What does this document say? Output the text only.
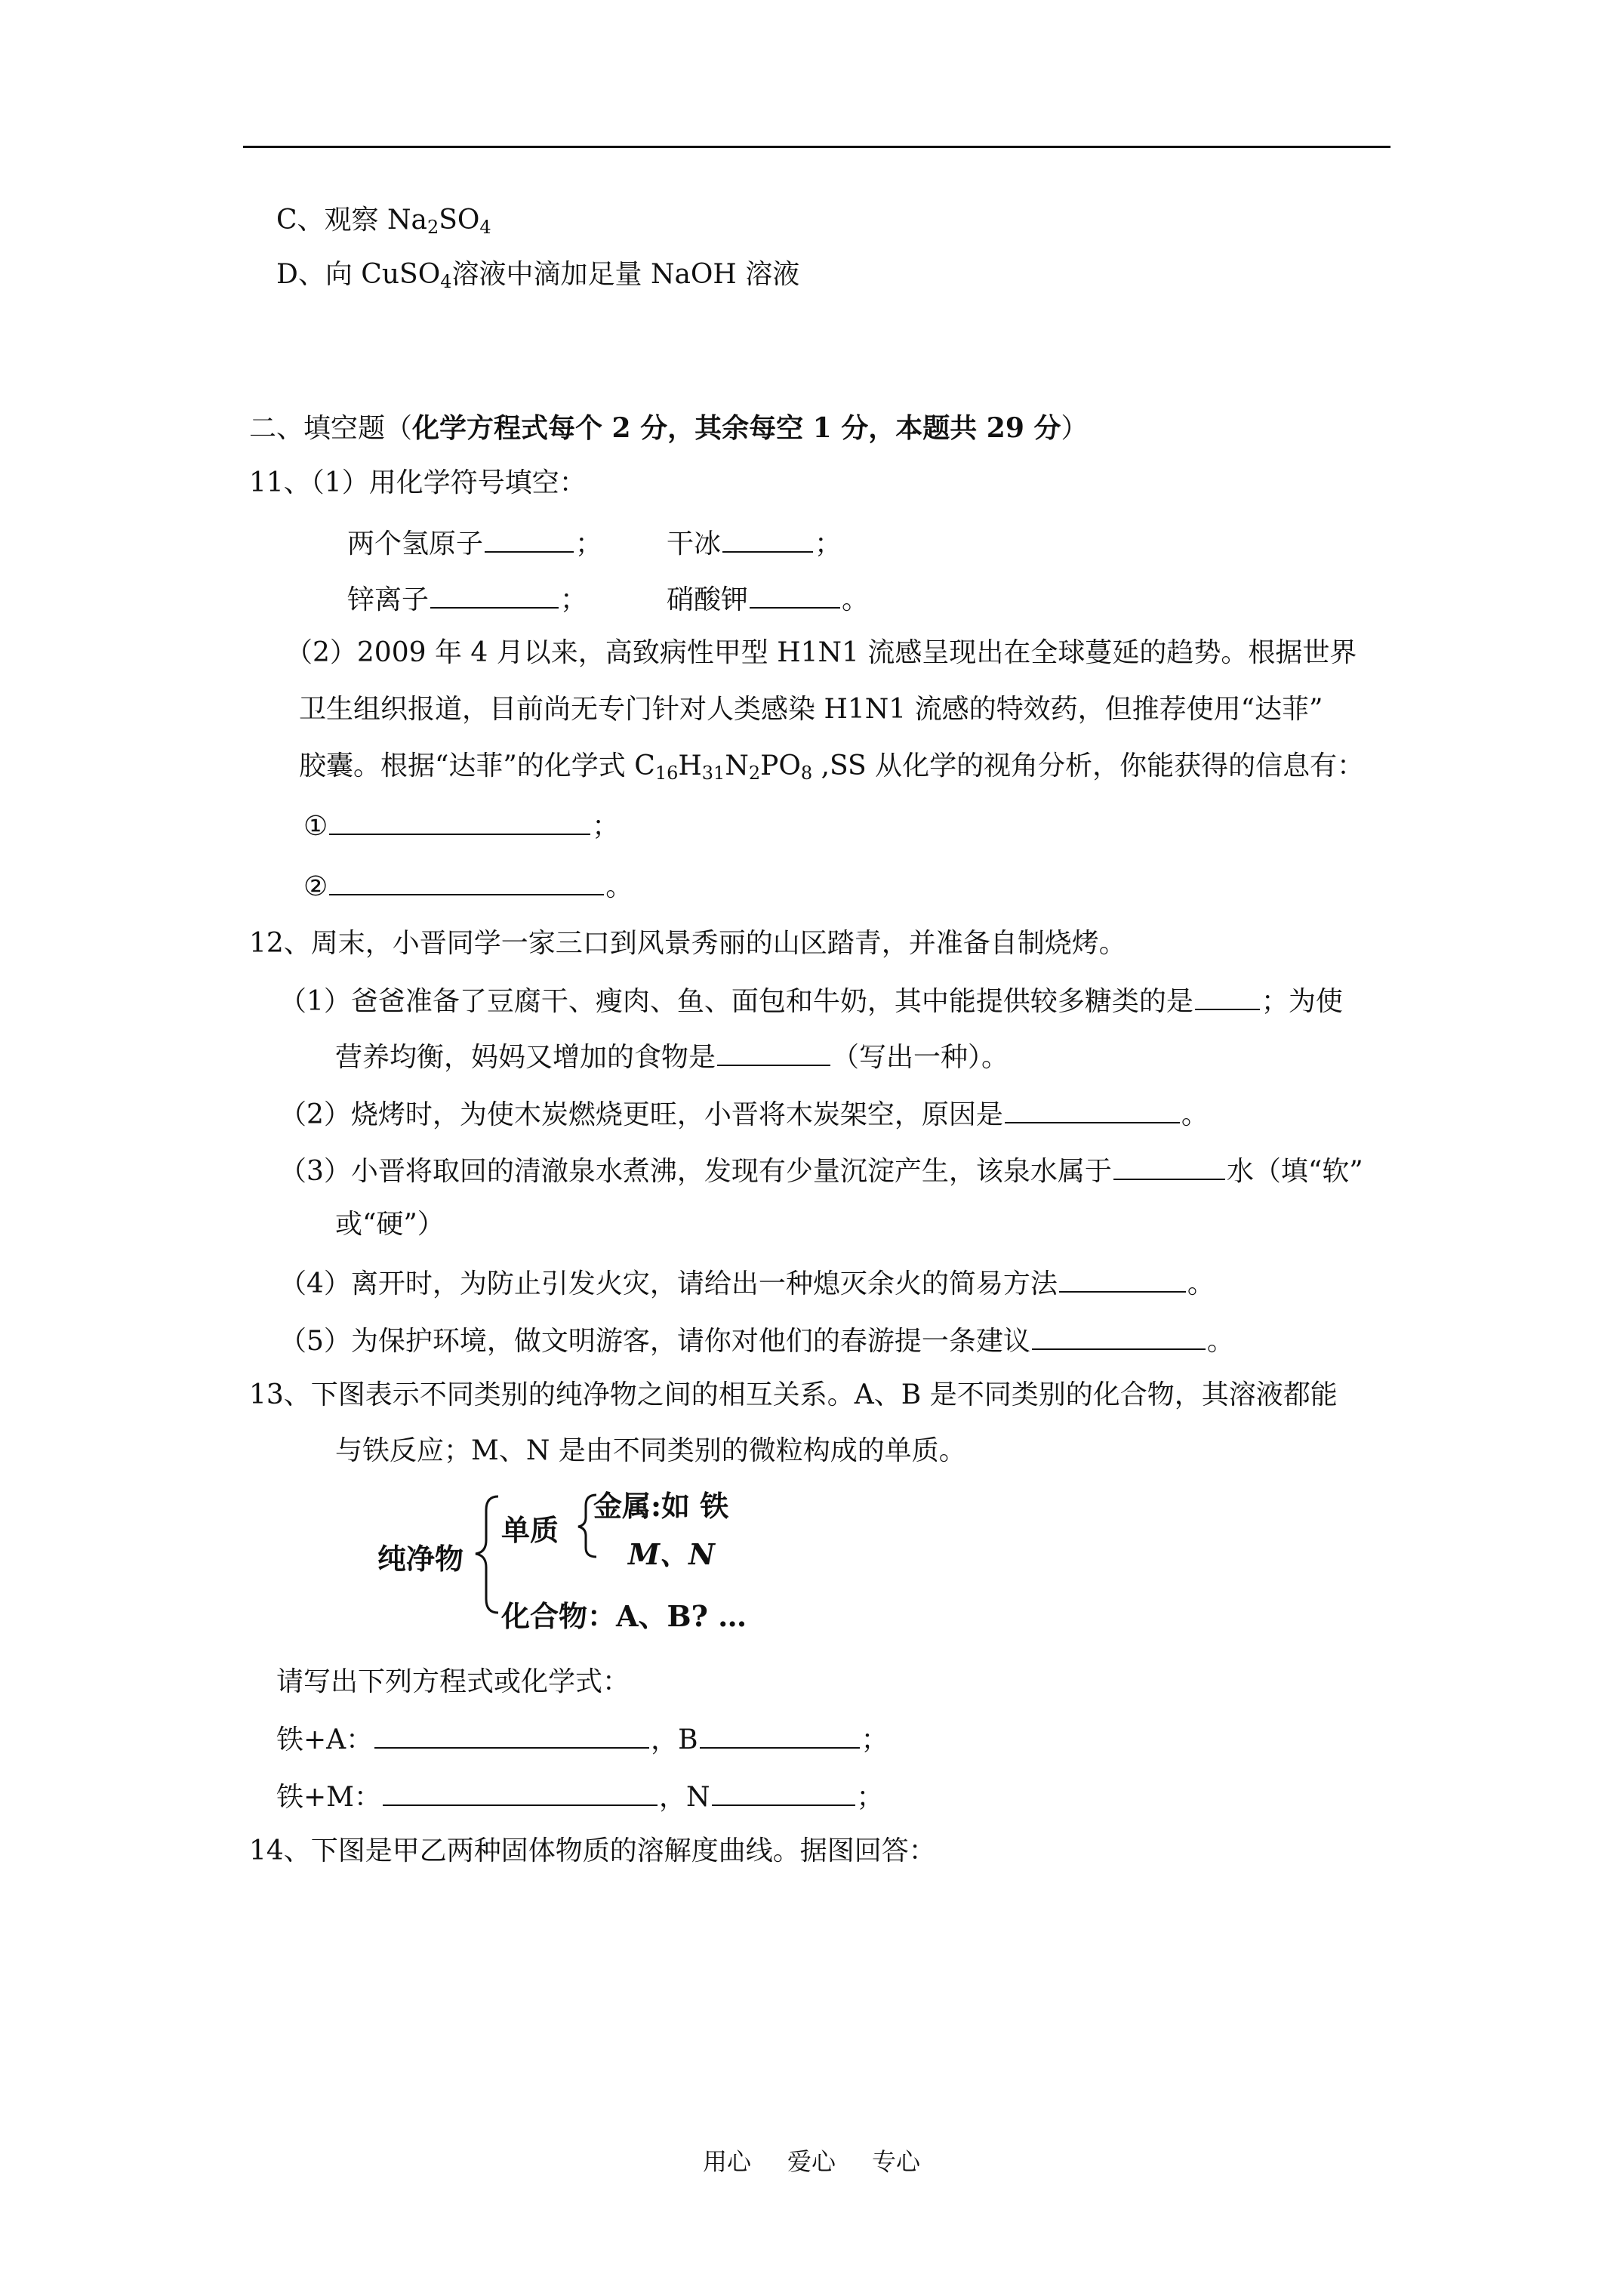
C、观察 $Na_2SO_4$
D、向 CuSO$_4$溶液中滴加足量 NaOH 溶液
二、填空题（化学方程式每个 2 分，其余每空 1 分，本题共 29 分）
11、（1）用化学符号填空：
两个氢原子	； 干冰	；
锌离子	；	硝酸钾	。
（2）2009 年 4 月以来，高致病性甲型 H1N1 流感呈现出在全球蔓延的趋势。根据世界
卫生组织报道，目前尚无专门针对人类感染 H1N1 流感的特效药，但推荐使用“达菲”
胶囊。根据“达菲”的化学式 $C_{16}H_{31}N_2PO_8$ ,SS 从化学的视角分析，你能获得的信息有：
①	；
②	。
12、周末，小晋同学一家三口到风景秀丽的山区踏青，并准备自制烧烤。
（1）爸爸准备了豆腐干、瘦肉、鱼、面包和牛奶，其中能提供较多糖类的是	；为使
营养均衡，妈妈又增加的食物是	（写出一种）。
（2）烧烤时，为使木炭燃烧更旺，小晋将木炭架空，原因是	。
（3）小晋将取回的清澈泉水煮沸，发现有少量沉淀产生，该泉水属于	水（填“软”
或“硬”）
（4）离开时，为防止引发火灾，请给出一种熄灭余火的简易方法	。
（5）为保护环境，做文明游客，请你对他们的春游提一条建议	。
13、下图表示不同类别的纯净物之间的相互关系。A、B 是不同类别的化合物，其溶液都能
与铁反应；M、N 是由不同类别的微粒构成的单质。
纯净物
单质
金属:如 铁
M、N
化合物：A、B? …
请写出下列方程式或化学式：
铁+A：	，B	；
铁+M：	，N	；
14、下图是甲乙两种固体物质的溶解度曲线。据图回答：
用心 爱心 专心
